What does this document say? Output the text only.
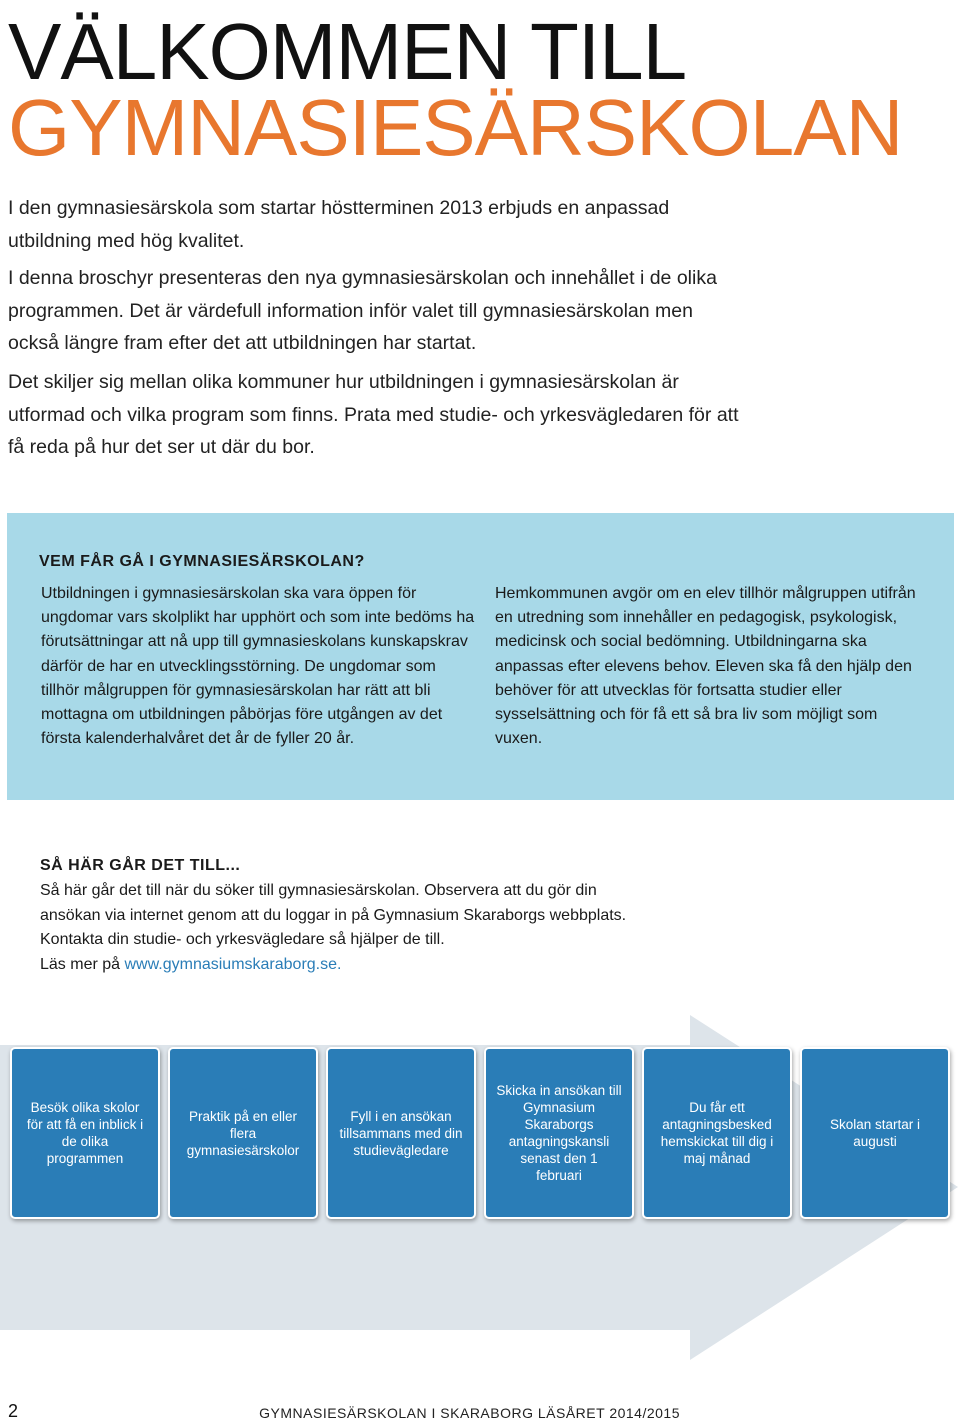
VÄLKOMMEN TILL
GYMNASIESÄRSKOLAN

I den gymnasiesärskola som startar höstterminen 2013 erbjuds en anpassad utbildning med hög kvalitet.

I denna broschyr presenteras den nya gymnasiesärskolan och innehållet i de olika programmen. Det är värdefull information inför valet till gymnasiesärskolan men också längre fram efter det att utbildningen har startat.

Det skiljer sig mellan olika kommuner hur utbildningen i gymnasiesärskolan är utformad och vilka program som finns. Prata med studie- och yrkesvägledaren för att få reda på hur det ser ut där du bor.

VEM FÅR GÅ I GYMNASIESÄRSKOLAN?

Utbildningen i gymnasiesärskolan ska vara öppen för ungdomar vars skolplikt har upphört och som inte bedöms ha förutsättningar att nå upp till gymnasieskolans kunskapskrav därför de har en utvecklingsstörning. De ungdomar som tillhör målgruppen för gymnasiesärskolan har rätt att bli mottagna om utbildningen påbörjas före utgången av det första kalenderhalvåret det år de fyller 20 år.

Hemkommunen avgör om en elev tillhör målgruppen utifrån en utredning som innehåller en pedagogisk, psykologisk, medicinsk och social bedömning. Utbildningarna ska anpassas efter elevens behov. Eleven ska få den hjälp den behöver för att utvecklas för fortsatta studier eller sysselsättning och för få ett så bra liv som möjligt som vuxen.

SÅ HÄR GÅR DET TILL...

Så här går det till när du söker till gymnasiesärskolan. Observera att du gör din ansökan via internet genom att du loggar in på Gymnasium Skaraborgs webbplats. Kontakta din studie- och yrkesvägledare så hjälper de till.
Läs mer på www.gymnasiumskaraborg.se.

Besök olika skolor för att få en inblick i de olika programmen
Praktik på en eller flera gymnasiesärskolor
Fyll i en ansökan tillsammans med din studievägledare
Skicka in ansökan till Gymnasium Skaraborgs antagningskansli senast den 1 februari
Du får ett antagningsbesked hemskickat till dig i maj månad
Skolan startar i augusti
2	GYMNASIESÄRSKOLAN I SKARABORG LÄSÅRET 2014/2015
